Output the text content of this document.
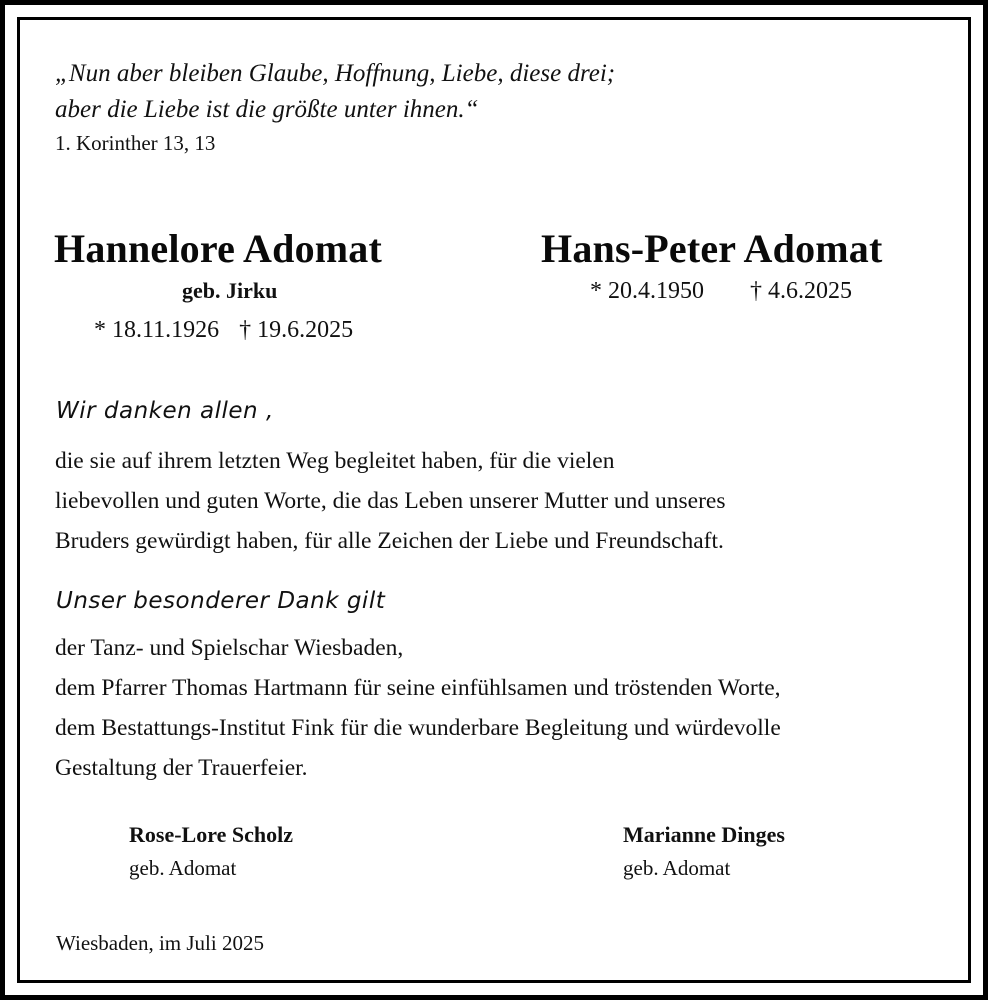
„Nun aber bleiben Glaube, Hoffnung, Liebe, diese drei;
aber die Liebe ist die größte unter ihnen.“
1. Korinther 13, 13
Hannelore Adomat
geb. Jirku
* 18.11.1926 † 19.6.2025
Hans-Peter Adomat
* 20.4.1950 † 4.6.2025
Wir danken allen ,
die sie auf ihrem letzten Weg begleitet haben, für die vielen
liebevollen und guten Worte, die das Leben unserer Mutter und unseres
Bruders gewürdigt haben, für alle Zeichen der Liebe und Freundschaft.
Unser besonderer Dank gilt
der Tanz- und Spielschar Wiesbaden,
dem Pfarrer Thomas Hartmann für seine einfühlsamen und tröstenden Worte,
dem Bestattungs-Institut Fink für die wunderbare Begleitung und würdevolle
Gestaltung der Trauerfeier.
Rose-Lore Scholz
geb. Adomat
Marianne Dinges
geb. Adomat
Wiesbaden, im Juli 2025
